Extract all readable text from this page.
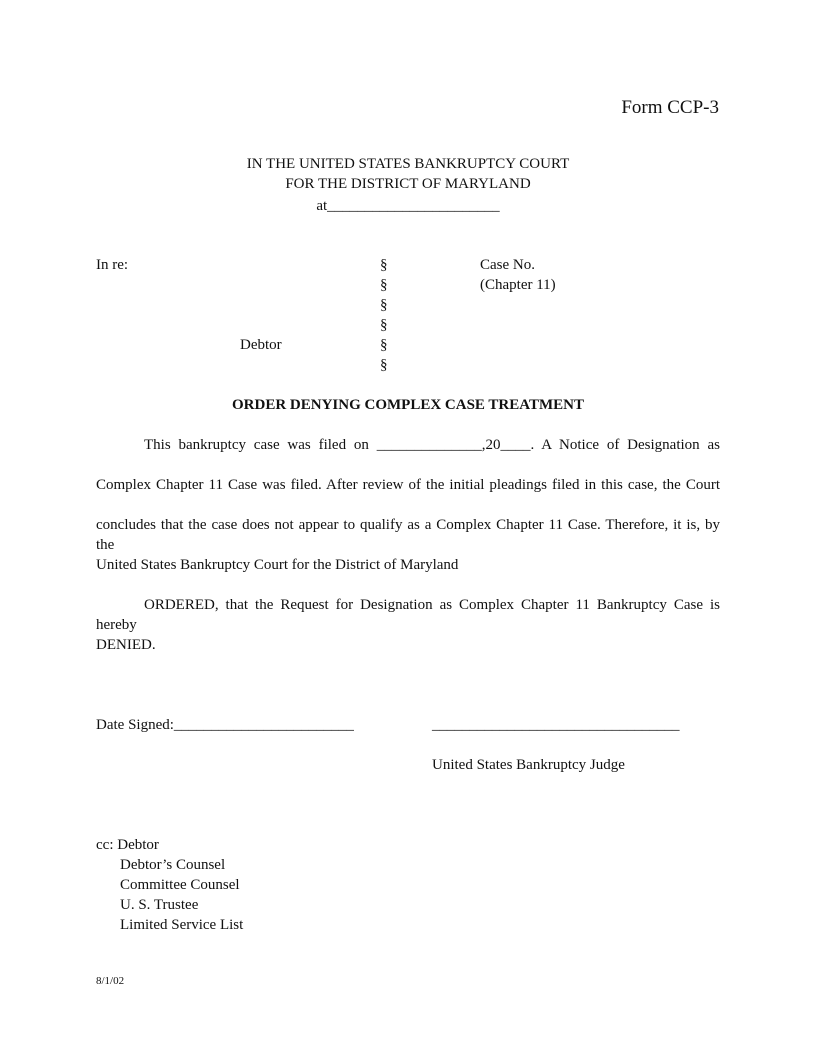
Form CCP-3
IN THE UNITED STATES BANKRUPTCY COURT
FOR THE DISTRICT OF MARYLAND
at_______________________
In re:
Debtor
§
§
§
§
§
§
Case No.
(Chapter 11)
ORDER DENYING COMPLEX CASE TREATMENT
This bankruptcy case was filed on ______________,20____. A Notice of Designation as
Complex Chapter 11 Case was filed. After review of the initial pleadings filed in this case, the Court
concludes that the case does not appear to qualify as a Complex Chapter 11 Case. Therefore, it is, by the
United States Bankruptcy Court for the District of Maryland
ORDERED, that the Request for Designation as Complex Chapter 11 Bankruptcy Case is hereby
DENIED.
Date Signed:________________________	_________________________________
United States Bankruptcy Judge
cc: Debtor
Debtor’s Counsel
Committee Counsel
U. S. Trustee
Limited Service List
8/1/02
